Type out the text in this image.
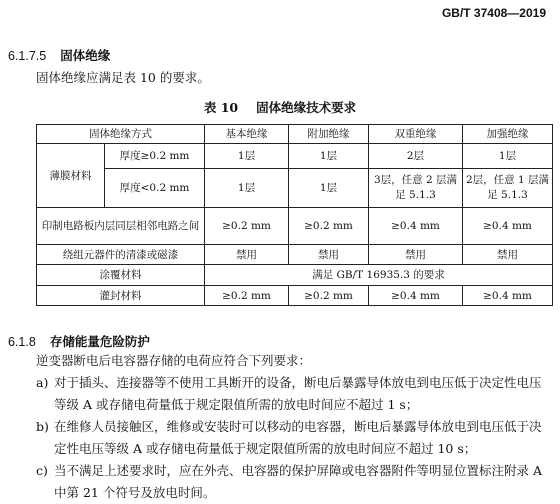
GB/T 37408—2019
6.1.7.5 固体绝缘
固体绝缘应满足表 10 的要求。
表 10 固体绝缘技术要求
固体绝缘方式		基本绝缘	附加绝缘	双重绝缘	加强绝缘
薄膜材料	厚度≥0.2 mm	1层	1层	2层	1层
	厚度<0.2 mm	1层	1层	3层，任意 2 层满足 5.1.3	2层，任意 1 层满足 5.1.3
印制电路板内层同层相邻电路之间		≥0.2 mm	≥0.2 mm	≥0.4 mm	≥0.4 mm
绕组元器件的清漆或磁漆		禁用	禁用	禁用	禁用
涂覆材料		满足 GB/T 16935.3 的要求			
灌封材料		≥0.2 mm	≥0.2 mm	≥0.4 mm	≥0.4 mm
6.1.8 存储能量危险防护
逆变器断电后电容器存储的电荷应符合下列要求：
a) 对于插头、连接器等不使用工具断开的设备，断电后暴露导体放电到电压低于决定性电压等级 A 或存储电荷量低于规定限值所需的放电时间应不超过 1 s；
b) 在维修人员接触区，维修或安装时可以移动的电容器，断电后暴露导体放电到电压低于决定性电压等级 A 或存储电荷量低于规定限值所需的放电时间应不超过 10 s；
c) 当不满足上述要求时，应在外壳、电容器的保护屏障或电容器附件等明显位置标注附录 A 中第 21 个符号及放电时间。
